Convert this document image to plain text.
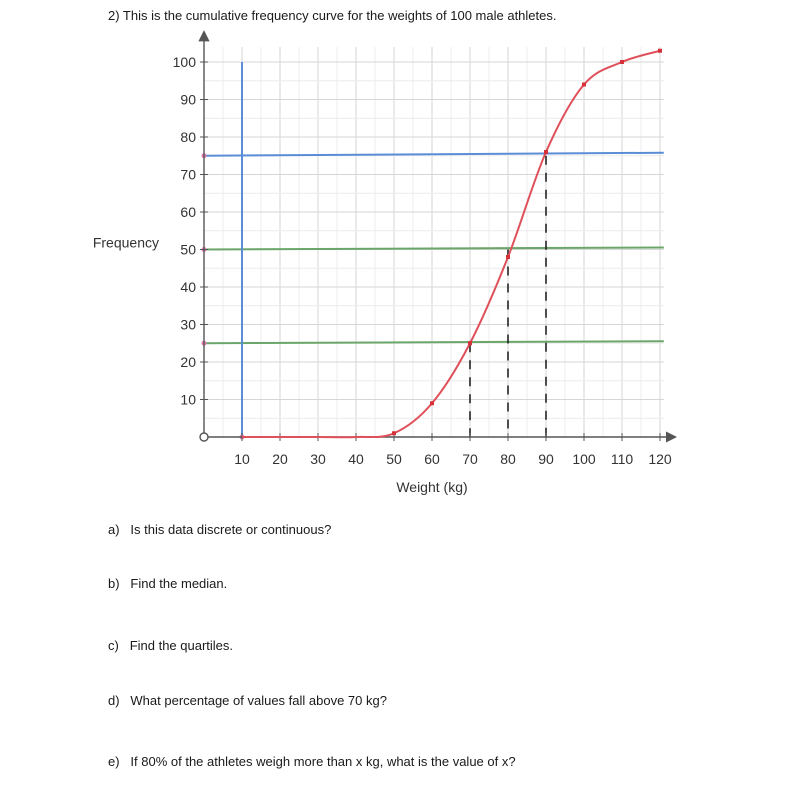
2) This is the cumulative frequency curve for the weights of 100 male athletes.
10
20
30
40
50
60
70
80
90
100
10 20 30 40 50 60 70 80 90 100 110 120
Frequency
Weight (kg)
a) Is this data discrete or continuous?
b) Find the median.
c) Find the quartiles.
d) What percentage of values fall above 70 kg?
e) If 80% of the athletes weigh more than x kg, what is the value of x?
